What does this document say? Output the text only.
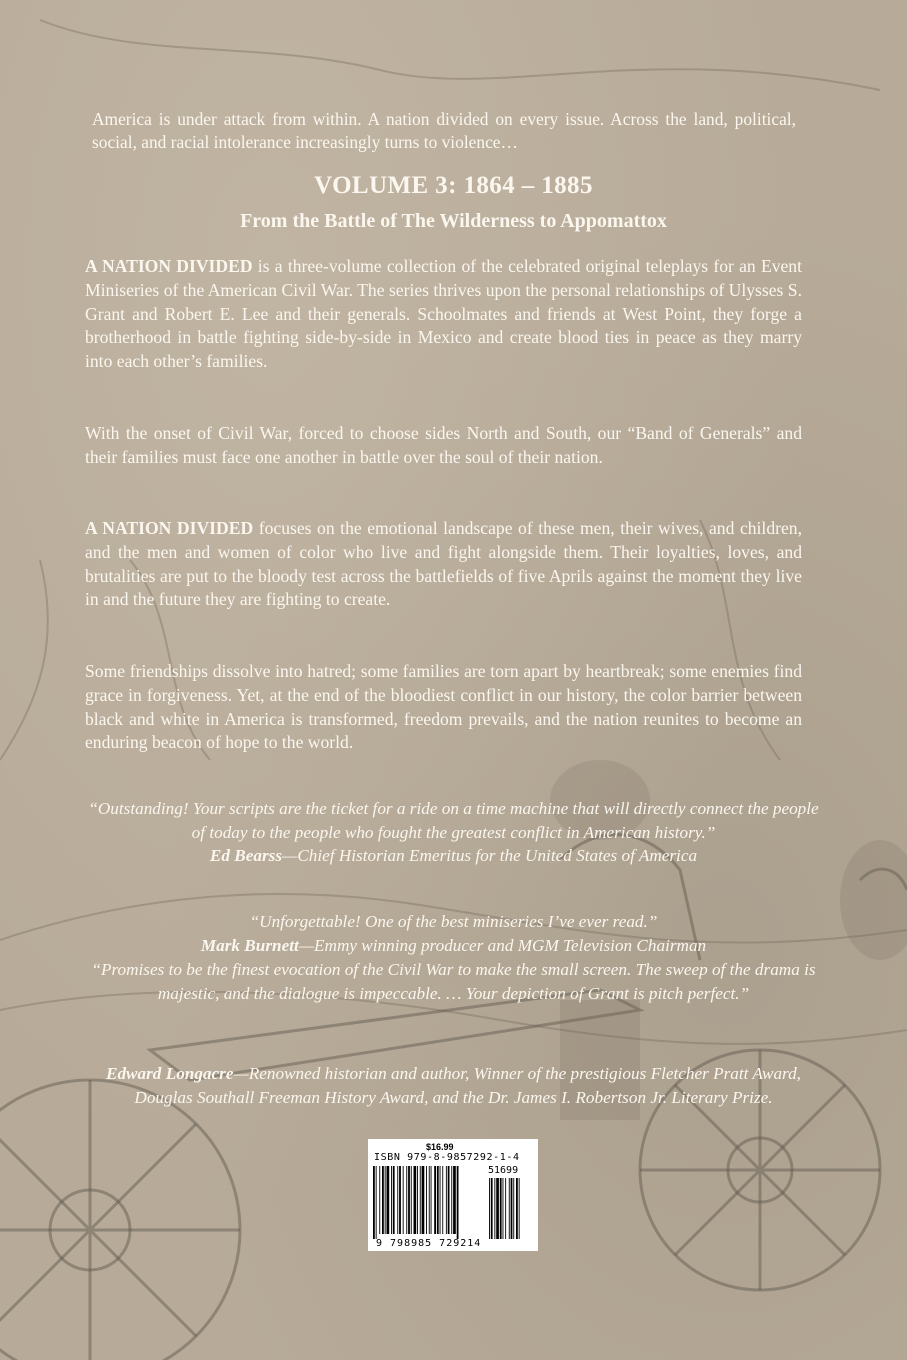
America is under attack from within. A nation divided on every issue. Across the land, political, social, and racial intolerance increasingly turns to violence…
VOLUME 3: 1864 – 1885
From the Battle of The Wilderness to Appomattox
A NATION DIVIDED is a three-volume collection of the celebrated original teleplays for an Event Miniseries of the American Civil War. The series thrives upon the personal relationships of Ulysses S. Grant and Robert E. Lee and their generals. Schoolmates and friends at West Point, they forge a brotherhood in battle fighting side-by-side in Mexico and create blood ties in peace as they marry into each other’s families.
With the onset of Civil War, forced to choose sides North and South, our “Band of Generals” and their families must face one another in battle over the soul of their nation.
A NATION DIVIDED focuses on the emotional landscape of these men, their wives, and children, and the men and women of color who live and fight alongside them. Their loyalties, loves, and brutalities are put to the bloody test across the battlefields of five Aprils against the moment they live in and the future they are fighting to create.
Some friendships dissolve into hatred; some families are torn apart by heartbreak; some enemies find grace in forgiveness. Yet, at the end of the bloodiest conflict in our history, the color barrier between black and white in America is transformed, freedom prevails, and the nation reunites to become an enduring beacon of hope to the world.
“Outstanding! Your scripts are the ticket for a ride on a time machine that will directly connect the people of today to the people who fought the greatest conflict in American history.”
Ed Bearss—Chief Historian Emeritus for the United States of America
“Unforgettable! One of the best miniseries I’ve ever read.”
Mark Burnett—Emmy winning producer and MGM Television Chairman
“Promises to be the finest evocation of the Civil War to make the small screen. The sweep of the drama is majestic, and the dialogue is impeccable. … Your depiction of Grant is pitch perfect.”
Edward Longacre—Renowned historian and author, Winner of the prestigious Fletcher Pratt Award, Douglas Southall Freeman History Award, and the Dr. James I. Robertson Jr. Literary Prize.
$16.99
ISBN 979-8-9857292-1-4
51699
9 798985 729214
